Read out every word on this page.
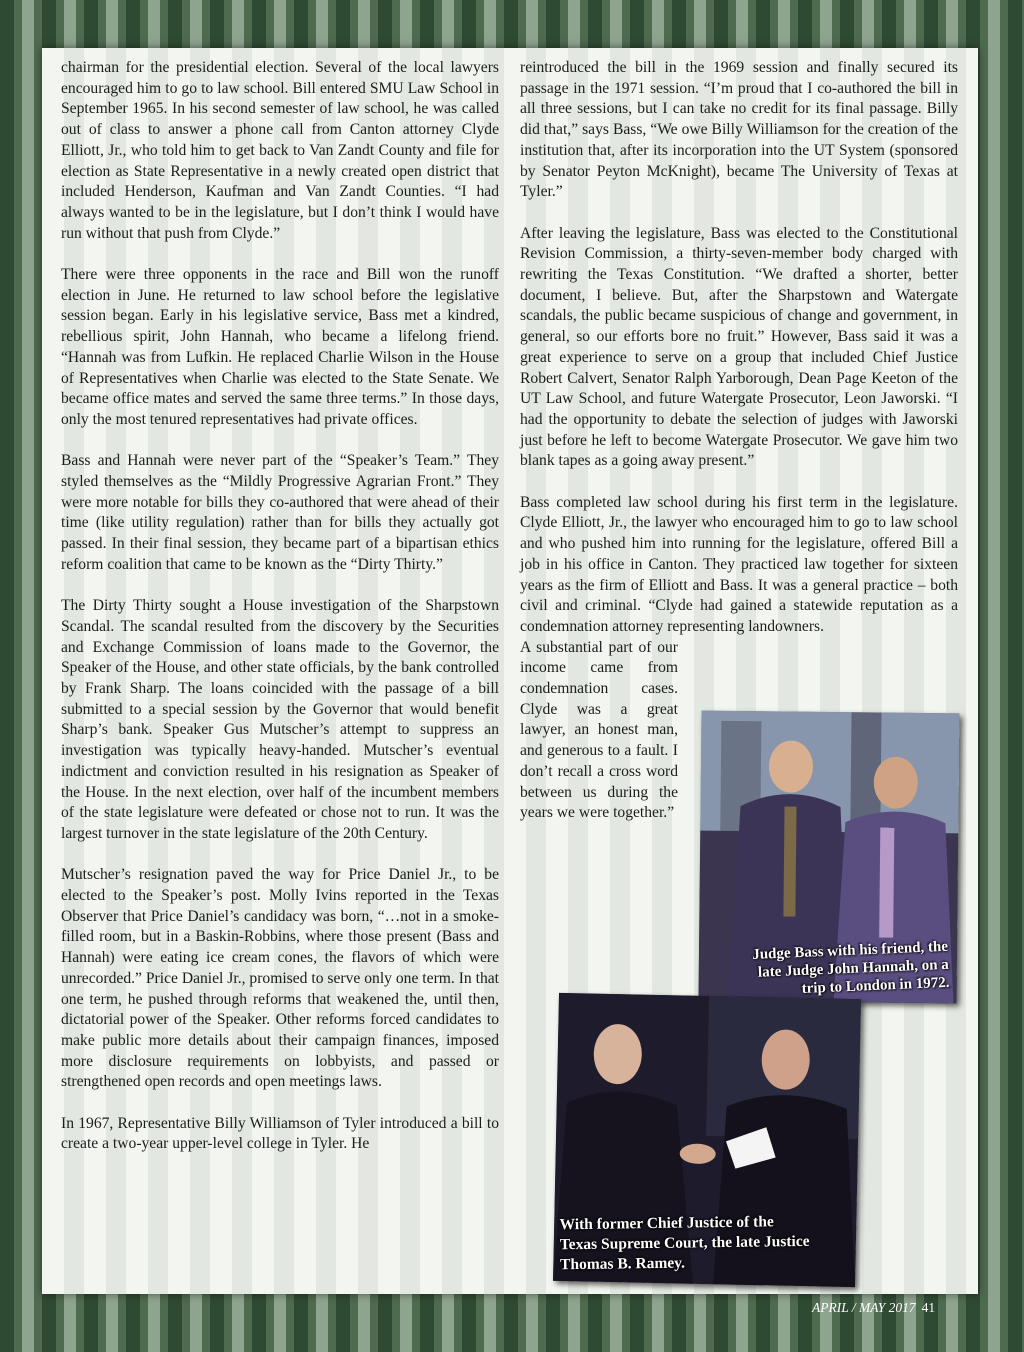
chairman for the presidential election. Several of the local lawyers encouraged him to go to law school. Bill entered SMU Law School in September 1965. In his second semester of law school, he was called out of class to answer a phone call from Canton attorney Clyde Elliott, Jr., who told him to get back to Van Zandt County and file for election as State Representative in a newly created open district that included Henderson, Kaufman and Van Zandt Counties. “I had always wanted to be in the legislature, but I don’t think I would have run without that push from Clyde.”

There were three opponents in the race and Bill won the runoff election in June. He returned to law school before the legislative session began. Early in his legislative service, Bass met a kindred, rebellious spirit, John Hannah, who became a lifelong friend. “Hannah was from Lufkin. He replaced Charlie Wilson in the House of Representatives when Charlie was elected to the State Senate. We became office mates and served the same three terms.” In those days, only the most tenured representatives had private offices.

Bass and Hannah were never part of the “Speaker’s Team.” They styled themselves as the “Mildly Progressive Agrarian Front.” They were more notable for bills they co-authored that were ahead of their time (like utility regulation) rather than for bills they actually got passed. In their final session, they became part of a bipartisan ethics reform coalition that came to be known as the “Dirty Thirty.”

The Dirty Thirty sought a House investigation of the Sharpstown Scandal. The scandal resulted from the discovery by the Securities and Exchange Commission of loans made to the Governor, the Speaker of the House, and other state officials, by the bank controlled by Frank Sharp. The loans coincided with the passage of a bill submitted to a special session by the Governor that would benefit Sharp’s bank. Speaker Gus Mutscher’s attempt to suppress an investigation was typically heavy-handed. Mutscher’s eventual indictment and conviction resulted in his resignation as Speaker of the House. In the next election, over half of the incumbent members of the state legislature were defeated or chose not to run. It was the largest turnover in the state legislature of the 20th Century.

Mutscher’s resignation paved the way for Price Daniel Jr., to be elected to the Speaker’s post. Molly Ivins reported in the Texas Observer that Price Daniel’s candidacy was born, “…not in a smoke-filled room, but in a Baskin-Robbins, where those present (Bass and Hannah) were eating ice cream cones, the flavors of which were unrecorded.” Price Daniel Jr., promised to serve only one term. In that one term, he pushed through reforms that weakened the, until then, dictatorial power of the Speaker. Other reforms forced candidates to make public more details about their campaign finances, imposed more disclosure requirements on lobbyists, and passed or strengthened open records and open meetings laws.

In 1967, Representative Billy Williamson of Tyler introduced a bill to create a two-year upper-level college in Tyler. He

reintroduced the bill in the 1969 session and finally secured its passage in the 1971 session. “I’m proud that I co-authored the bill in all three sessions, but I can take no credit for its final passage. Billy did that,” says Bass, “We owe Billy Williamson for the creation of the institution that, after its incorporation into the UT System (sponsored by Senator Peyton McKnight), became The University of Texas at Tyler.”

After leaving the legislature, Bass was elected to the Constitutional Revision Commission, a thirty-seven-member body charged with rewriting the Texas Constitution. “We drafted a shorter, better document, I believe. But, after the Sharpstown and Watergate scandals, the public became suspicious of change and government, in general, so our efforts bore no fruit.” However, Bass said it was a great experience to serve on a group that included Chief Justice Robert Calvert, Senator Ralph Yarborough, Dean Page Keeton of the UT Law School, and future Watergate Prosecutor, Leon Jaworski. “I had the opportunity to debate the selection of judges with Jaworski just before he left to become Watergate Prosecutor. We gave him two blank tapes as a going away present.”

Bass completed law school during his first term in the legislature. Clyde Elliott, Jr., the lawyer who encouraged him to go to law school and who pushed him into running for the legislature, offered Bill a job in his office in Canton. They practiced law together for sixteen years as the firm of Elliott and Bass. It was a general practice – both civil and criminal. “Clyde had gained a statewide reputation as a condemnation attorney representing landowners.

A substantial part of our income came from condemnation cases. Clyde was a great lawyer, an honest man, and generous to a fault. I don’t recall a cross word between us during the years we were together.”

Judge Bass with his friend, the late Judge John Hannah, on a trip to London in 1972.
With former Chief Justice of the Texas Supreme Court, the late Justice Thomas B. Ramey.
APRIL / MAY 2017 41
